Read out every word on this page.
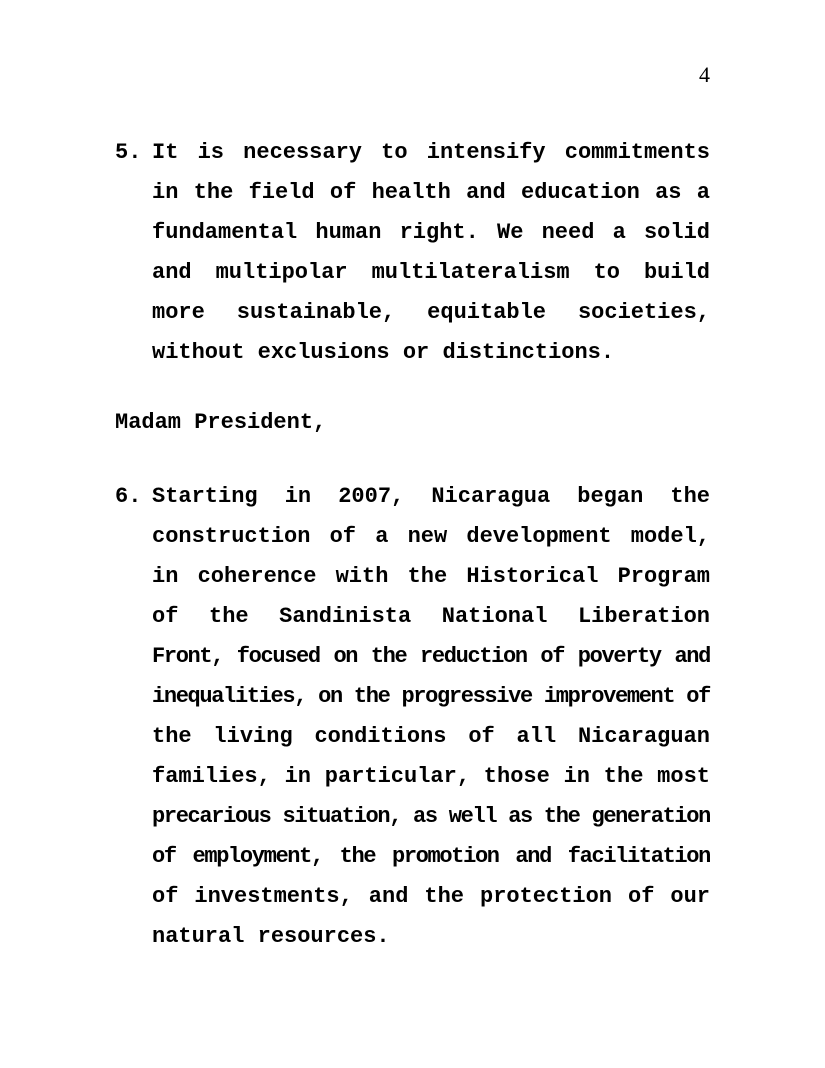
4
5. It is necessary to intensify commitments
in the field of health and education as a
fundamental human right. We need a solid
and multipolar multilateralism to build
more sustainable, equitable societies,
without exclusions or distinctions.
Madam President,
6. Starting in 2007, Nicaragua began the
construction of a new development model,
in coherence with the Historical Program
of the Sandinista National Liberation
Front, focused on the reduction of poverty and
inequalities, on the progressive improvement of
the living conditions of all Nicaraguan
families, in particular, those in the most
precarious situation, as well as the generation
of employment, the promotion and facilitation
of investments, and the protection of our
natural resources.
